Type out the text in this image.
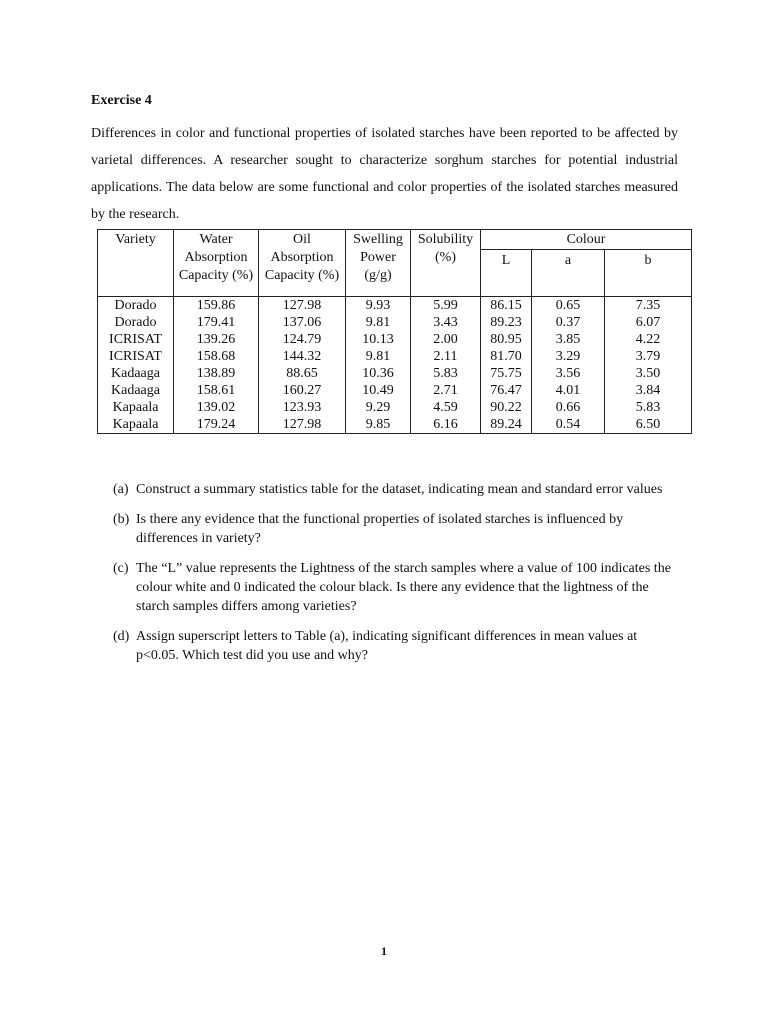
Exercise 4

Differences in color and functional properties of isolated starches have been reported to be affected by varietal differences. A researcher sought to characterize sorghum starches for potential industrial applications. The data below are some functional and color properties of the isolated starches measured by the research.

Variety	Water Absorption Capacity (%)	Oil Absorption Capacity (%)	Swelling Power (g/g)	Solubility (%)	Colour		
					L	a	b
Dorado	159.86	127.98	9.93	5.99	86.15	0.65	7.35
Dorado	179.41	137.06	9.81	3.43	89.23	0.37	6.07
ICRISAT	139.26	124.79	10.13	2.00	80.95	3.85	4.22
ICRISAT	158.68	144.32	9.81	2.11	81.70	3.29	3.79
Kadaaga	138.89	88.65	10.36	5.83	75.75	3.56	3.50
Kadaaga	158.61	160.27	10.49	2.71	76.47	4.01	3.84
Kapaala	139.02	123.93	9.29	4.59	90.22	0.66	5.83
Kapaala	179.24	127.98	9.85	6.16	89.24	0.54	6.50
(a) Construct a summary statistics table for the dataset, indicating mean and standard error values
(b) Is there any evidence that the functional properties of isolated starches is influenced by differences in variety?
(c) The “L” value represents the Lightness of the starch samples where a value of 100 indicates the colour white and 0 indicated the colour black. Is there any evidence that the lightness of the starch samples differs among varieties?
(d) Assign superscript letters to Table (a), indicating significant differences in mean values at p<0.05. Which test did you use and why?
1
